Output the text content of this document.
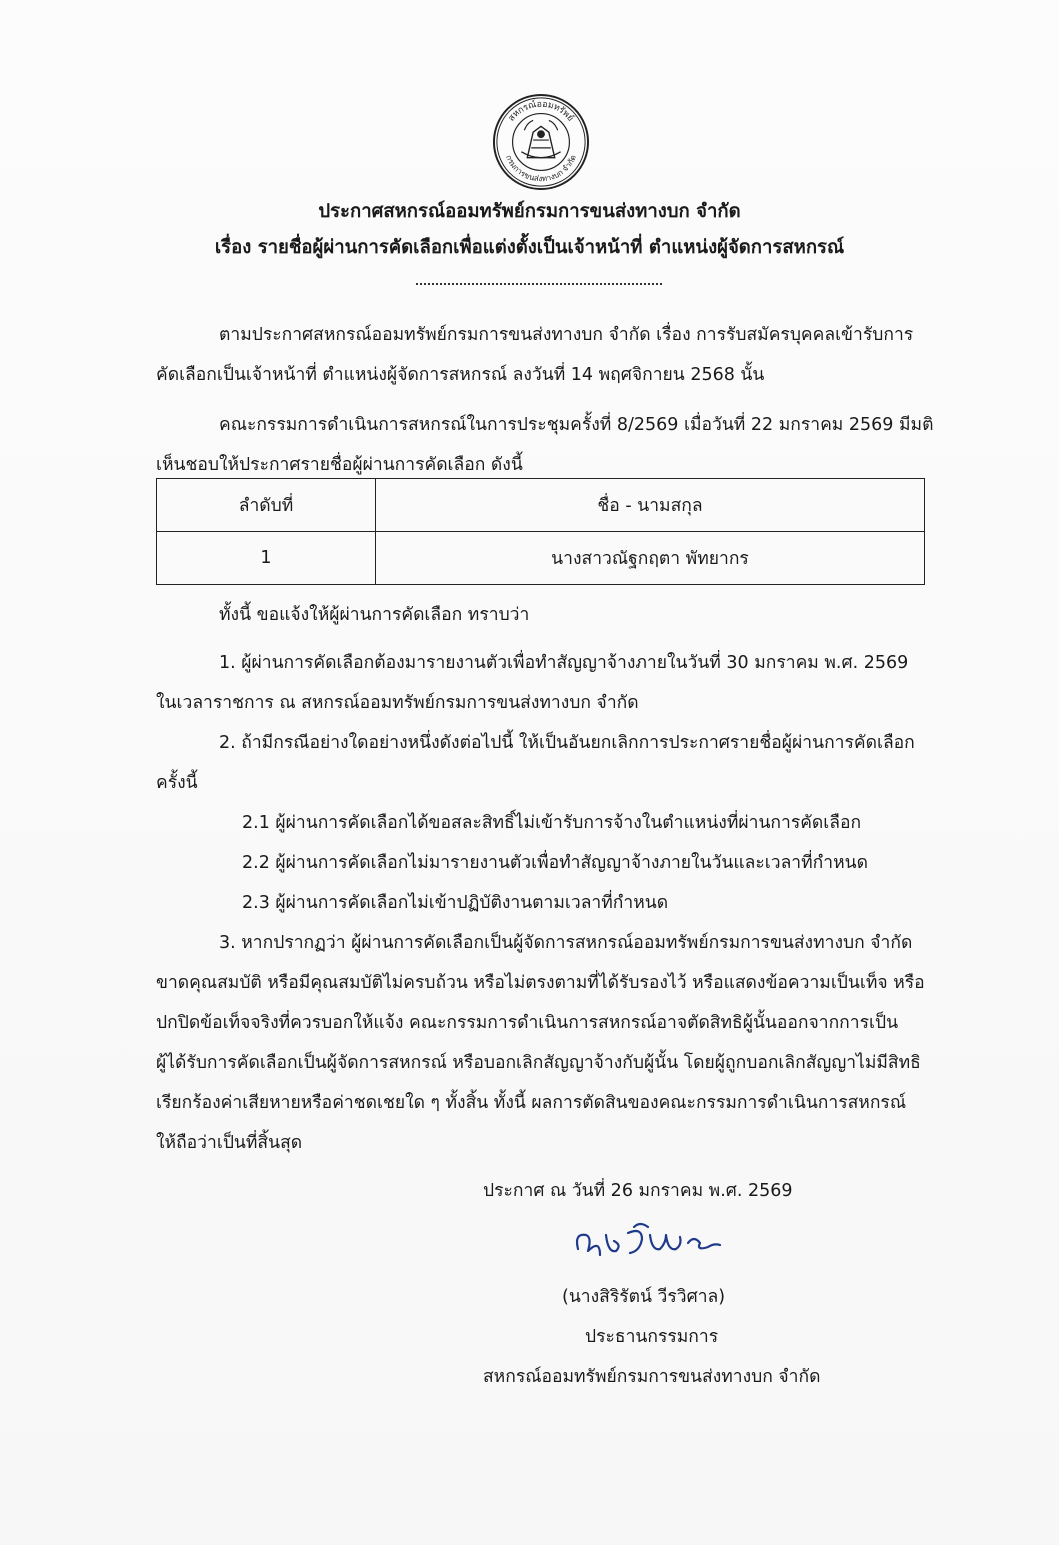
สหกรณ์ออมทรัพย์
กรมการขนส่งทางบก จำกัด
ประกาศสหกรณ์ออมทรัพย์กรมการขนส่งทางบก จำกัด
เรื่อง รายชื่อผู้ผ่านการคัดเลือกเพื่อแต่งตั้งเป็นเจ้าหน้าที่ ตำแหน่งผู้จัดการสหกรณ์
ตามประกาศสหกรณ์ออมทรัพย์กรมการขนส่งทางบก จำกัด เรื่อง การรับสมัครบุคคลเข้ารับการ
คัดเลือกเป็นเจ้าหน้าที่ ตำแหน่งผู้จัดการสหกรณ์ ลงวันที่ 14 พฤศจิกายน 2568 นั้น
คณะกรรมการดำเนินการสหกรณ์ในการประชุมครั้งที่ 8/2569 เมื่อวันที่ 22 มกราคม 2569 มีมติ
เห็นชอบให้ประกาศรายชื่อผู้ผ่านการคัดเลือก ดังนี้
ลำดับที่	ชื่อ - นามสกุล
1	นางสาวณัฐกฤตา พัทยากร
ทั้งนี้ ขอแจ้งให้ผู้ผ่านการคัดเลือก ทราบว่า
1. ผู้ผ่านการคัดเลือกต้องมารายงานตัวเพื่อทำสัญญาจ้างภายในวันที่ 30 มกราคม พ.ศ. 2569
ในเวลาราชการ ณ สหกรณ์ออมทรัพย์กรมการขนส่งทางบก จำกัด
2. ถ้ามีกรณีอย่างใดอย่างหนึ่งดังต่อไปนี้ ให้เป็นอันยกเลิกการประกาศรายชื่อผู้ผ่านการคัดเลือก
ครั้งนี้
2.1 ผู้ผ่านการคัดเลือกได้ขอสละสิทธิ์ไม่เข้ารับการจ้างในตำแหน่งที่ผ่านการคัดเลือก
2.2 ผู้ผ่านการคัดเลือกไม่มารายงานตัวเพื่อทำสัญญาจ้างภายในวันและเวลาที่กำหนด
2.3 ผู้ผ่านการคัดเลือกไม่เข้าปฏิบัติงานตามเวลาที่กำหนด
3. หากปรากฏว่า ผู้ผ่านการคัดเลือกเป็นผู้จัดการสหกรณ์ออมทรัพย์กรมการขนส่งทางบก จำกัด
ขาดคุณสมบัติ หรือมีคุณสมบัติไม่ครบถ้วน หรือไม่ตรงตามที่ได้รับรองไว้ หรือแสดงข้อความเป็นเท็จ หรือ
ปกปิดข้อเท็จจริงที่ควรบอกให้แจ้ง คณะกรรมการดำเนินการสหกรณ์อาจตัดสิทธิผู้นั้นออกจากการเป็น
ผู้ได้รับการคัดเลือกเป็นผู้จัดการสหกรณ์ หรือบอกเลิกสัญญาจ้างกับผู้นั้น โดยผู้ถูกบอกเลิกสัญญาไม่มีสิทธิ
เรียกร้องค่าเสียหายหรือค่าชดเชยใด ๆ ทั้งสิ้น ทั้งนี้ ผลการตัดสินของคณะกรรมการดำเนินการสหกรณ์
ให้ถือว่าเป็นที่สิ้นสุด
ประกาศ ณ วันที่ 26 มกราคม พ.ศ. 2569
(นางสิริรัตน์ วีรวิศาล)
ประธานกรรมการ
สหกรณ์ออมทรัพย์กรมการขนส่งทางบก จำกัด
